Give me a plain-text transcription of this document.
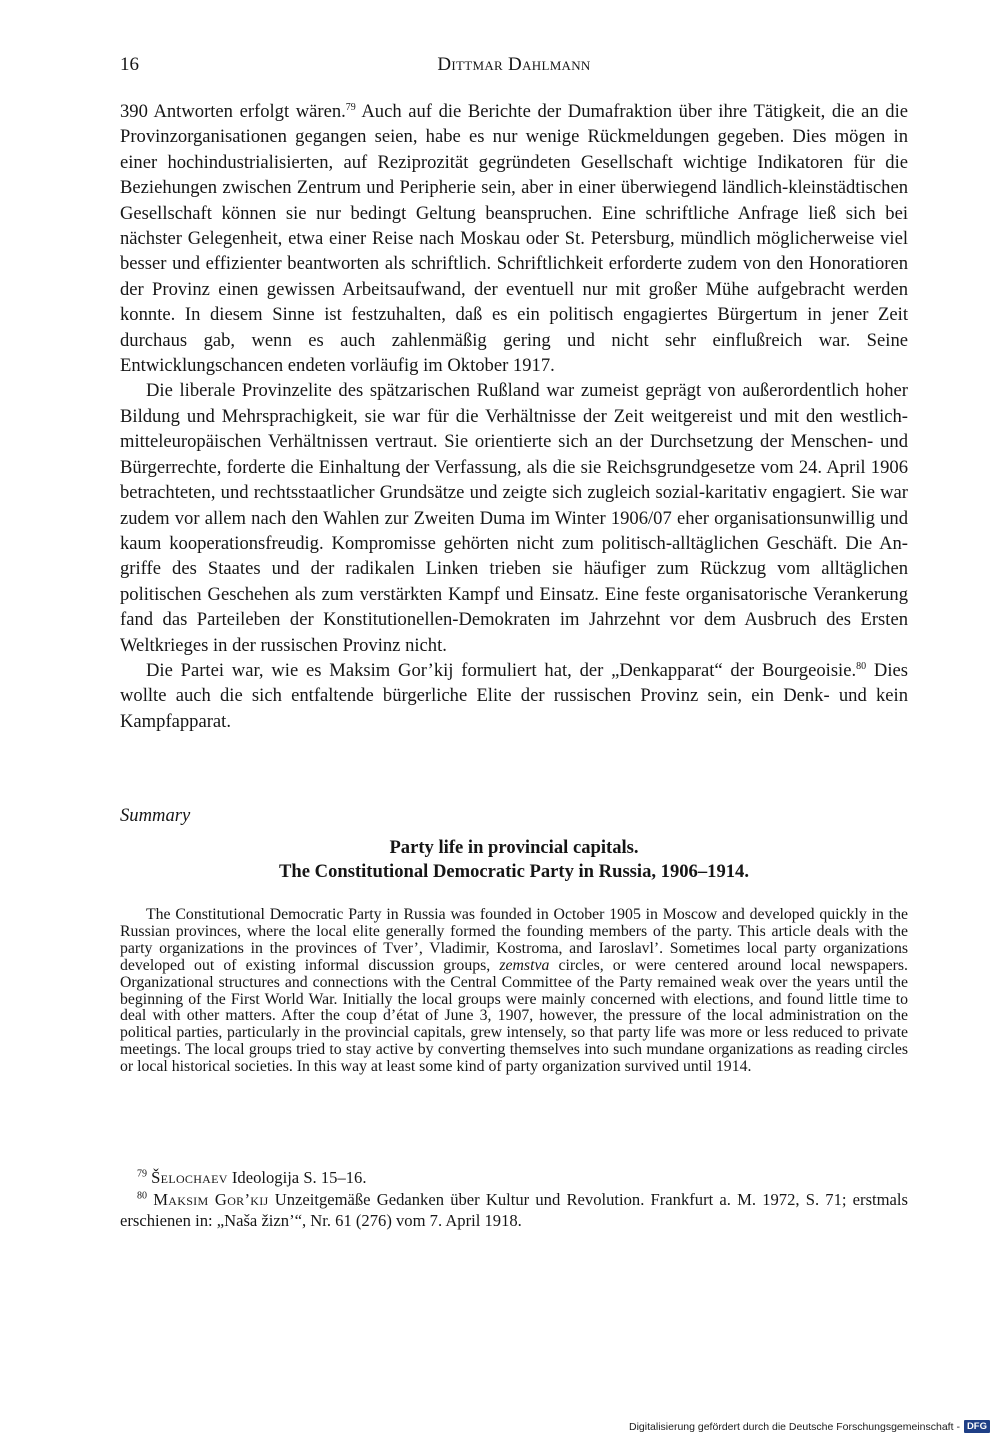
16	Dittmar Dahlmann

390 Antworten erfolgt wären.$^{79}$ Auch auf die Berichte der Dumafraktion über ihre Tätigkeit, die an die Provinzorganisationen gegangen seien, habe es nur wenige Rückmeldungen gegeben. Dies mögen in einer hochindustrialisierten, auf Reziprozität gegründeten Gesellschaft wichtige Indikatoren für die Beziehungen zwischen Zentrum und Peripherie sein, aber in einer überwiegend ländlich-kleinstädtischen Gesellschaft können sie nur bedingt Geltung beanspruchen. Eine schriftliche Anfrage ließ sich bei nächster Gelegenheit, etwa einer Reise nach Moskau oder St. Petersburg, mündlich möglicherweise viel besser und effizienter beantworten als schriftlich. Schriftlichkeit erforderte zudem von den Honoratioren der Provinz einen gewissen Arbeitsaufwand, der eventuell nur mit großer Mühe aufgebracht werden konnte. In diesem Sinne ist festzuhalten, daß es ein politisch engagiertes Bürgertum in jener Zeit durchaus gab, wenn es auch zahlenmäßig gering und nicht sehr einflußreich war. Seine Entwicklungschancen endeten vorläufig im Oktober 1917.

Die liberale Provinzelite des spätzarischen Rußland war zumeist geprägt von außerordentlich hoher Bildung und Mehrsprachigkeit, sie war für die Verhältnisse der Zeit weitgereist und mit den westlich-mitteleuropäischen Verhältnissen vertraut. Sie orientierte sich an der Durchsetzung der Menschen- und Bürgerrechte, forderte die Einhaltung der Verfassung, als die sie Reichsgrundgesetze vom 24. April 1906 betrachteten, und rechtsstaatlicher Grundsätze und zeigte sich zugleich sozial-karitativ engagiert. Sie war zudem vor allem nach den Wahlen zur Zweiten Duma im Winter 1906/07 eher organisationsunwillig und kaum kooperationsfreudig. Kompromisse gehörten nicht zum politisch-alltäglichen Geschäft. Die Angriffe des Staates und der radikalen Linken trieben sie häufiger zum Rückzug vom alltäglichen politischen Geschehen als zum verstärkten Kampf und Einsatz. Eine feste organisatorische Verankerung fand das Parteileben der Konstitutionellen-Demokraten im Jahrzehnt vor dem Ausbruch des Ersten Weltkrieges in der russischen Provinz nicht.

Die Partei war, wie es Maksim Gor’kij formuliert hat, der „Denkapparat“ der Bourgeoisie.$^{80}$ Dies wollte auch die sich entfaltende bürgerliche Elite der russischen Provinz sein, ein Denk- und kein Kampfapparat.

Summary
Party life in provincial capitals.
The Constitutional Democratic Party in Russia, 1906–1914.

The Constitutional Democratic Party in Russia was founded in October 1905 in Moscow and developed quickly in the Russian provinces, where the local elite generally formed the founding members of the party. This article deals with the party organizations in the provinces of Tver’, Vladimir, Kostroma, and Iaroslavl’. Sometimes local party organizations developed out of existing informal discussion groups, zemstva circles, or were centered around local newspapers. Organizational structures and connections with the Central Committee of the Party remained weak over the years until the beginning of the First World War. Initially the local groups were mainly concerned with elections, and found little time to deal with other matters. After the coup d’état of June 3, 1907, however, the pressure of the local administration on the political parties, particularly in the provincial capitals, grew intensely, so that party life was more or less reduced to private meetings. The local groups tried to stay active by converting themselves into such mundane organizations as reading circles or local historical societies. In this way at least some kind of party organization survived until 1914.

$^{79}$ Šelochaev Ideologija S. 15–16.

$^{80}$ Maksim Gor’kij Unzeitgemäße Gedanken über Kultur und Revolution. Frankfurt a. M. 1972, S. 71; erstmals erschienen in: „Naša žizn’“, Nr. 61 (276) vom 7. April 1918.

Digitalisierung gefördert durch die Deutsche Forschungsgemeinschaft - DFG
